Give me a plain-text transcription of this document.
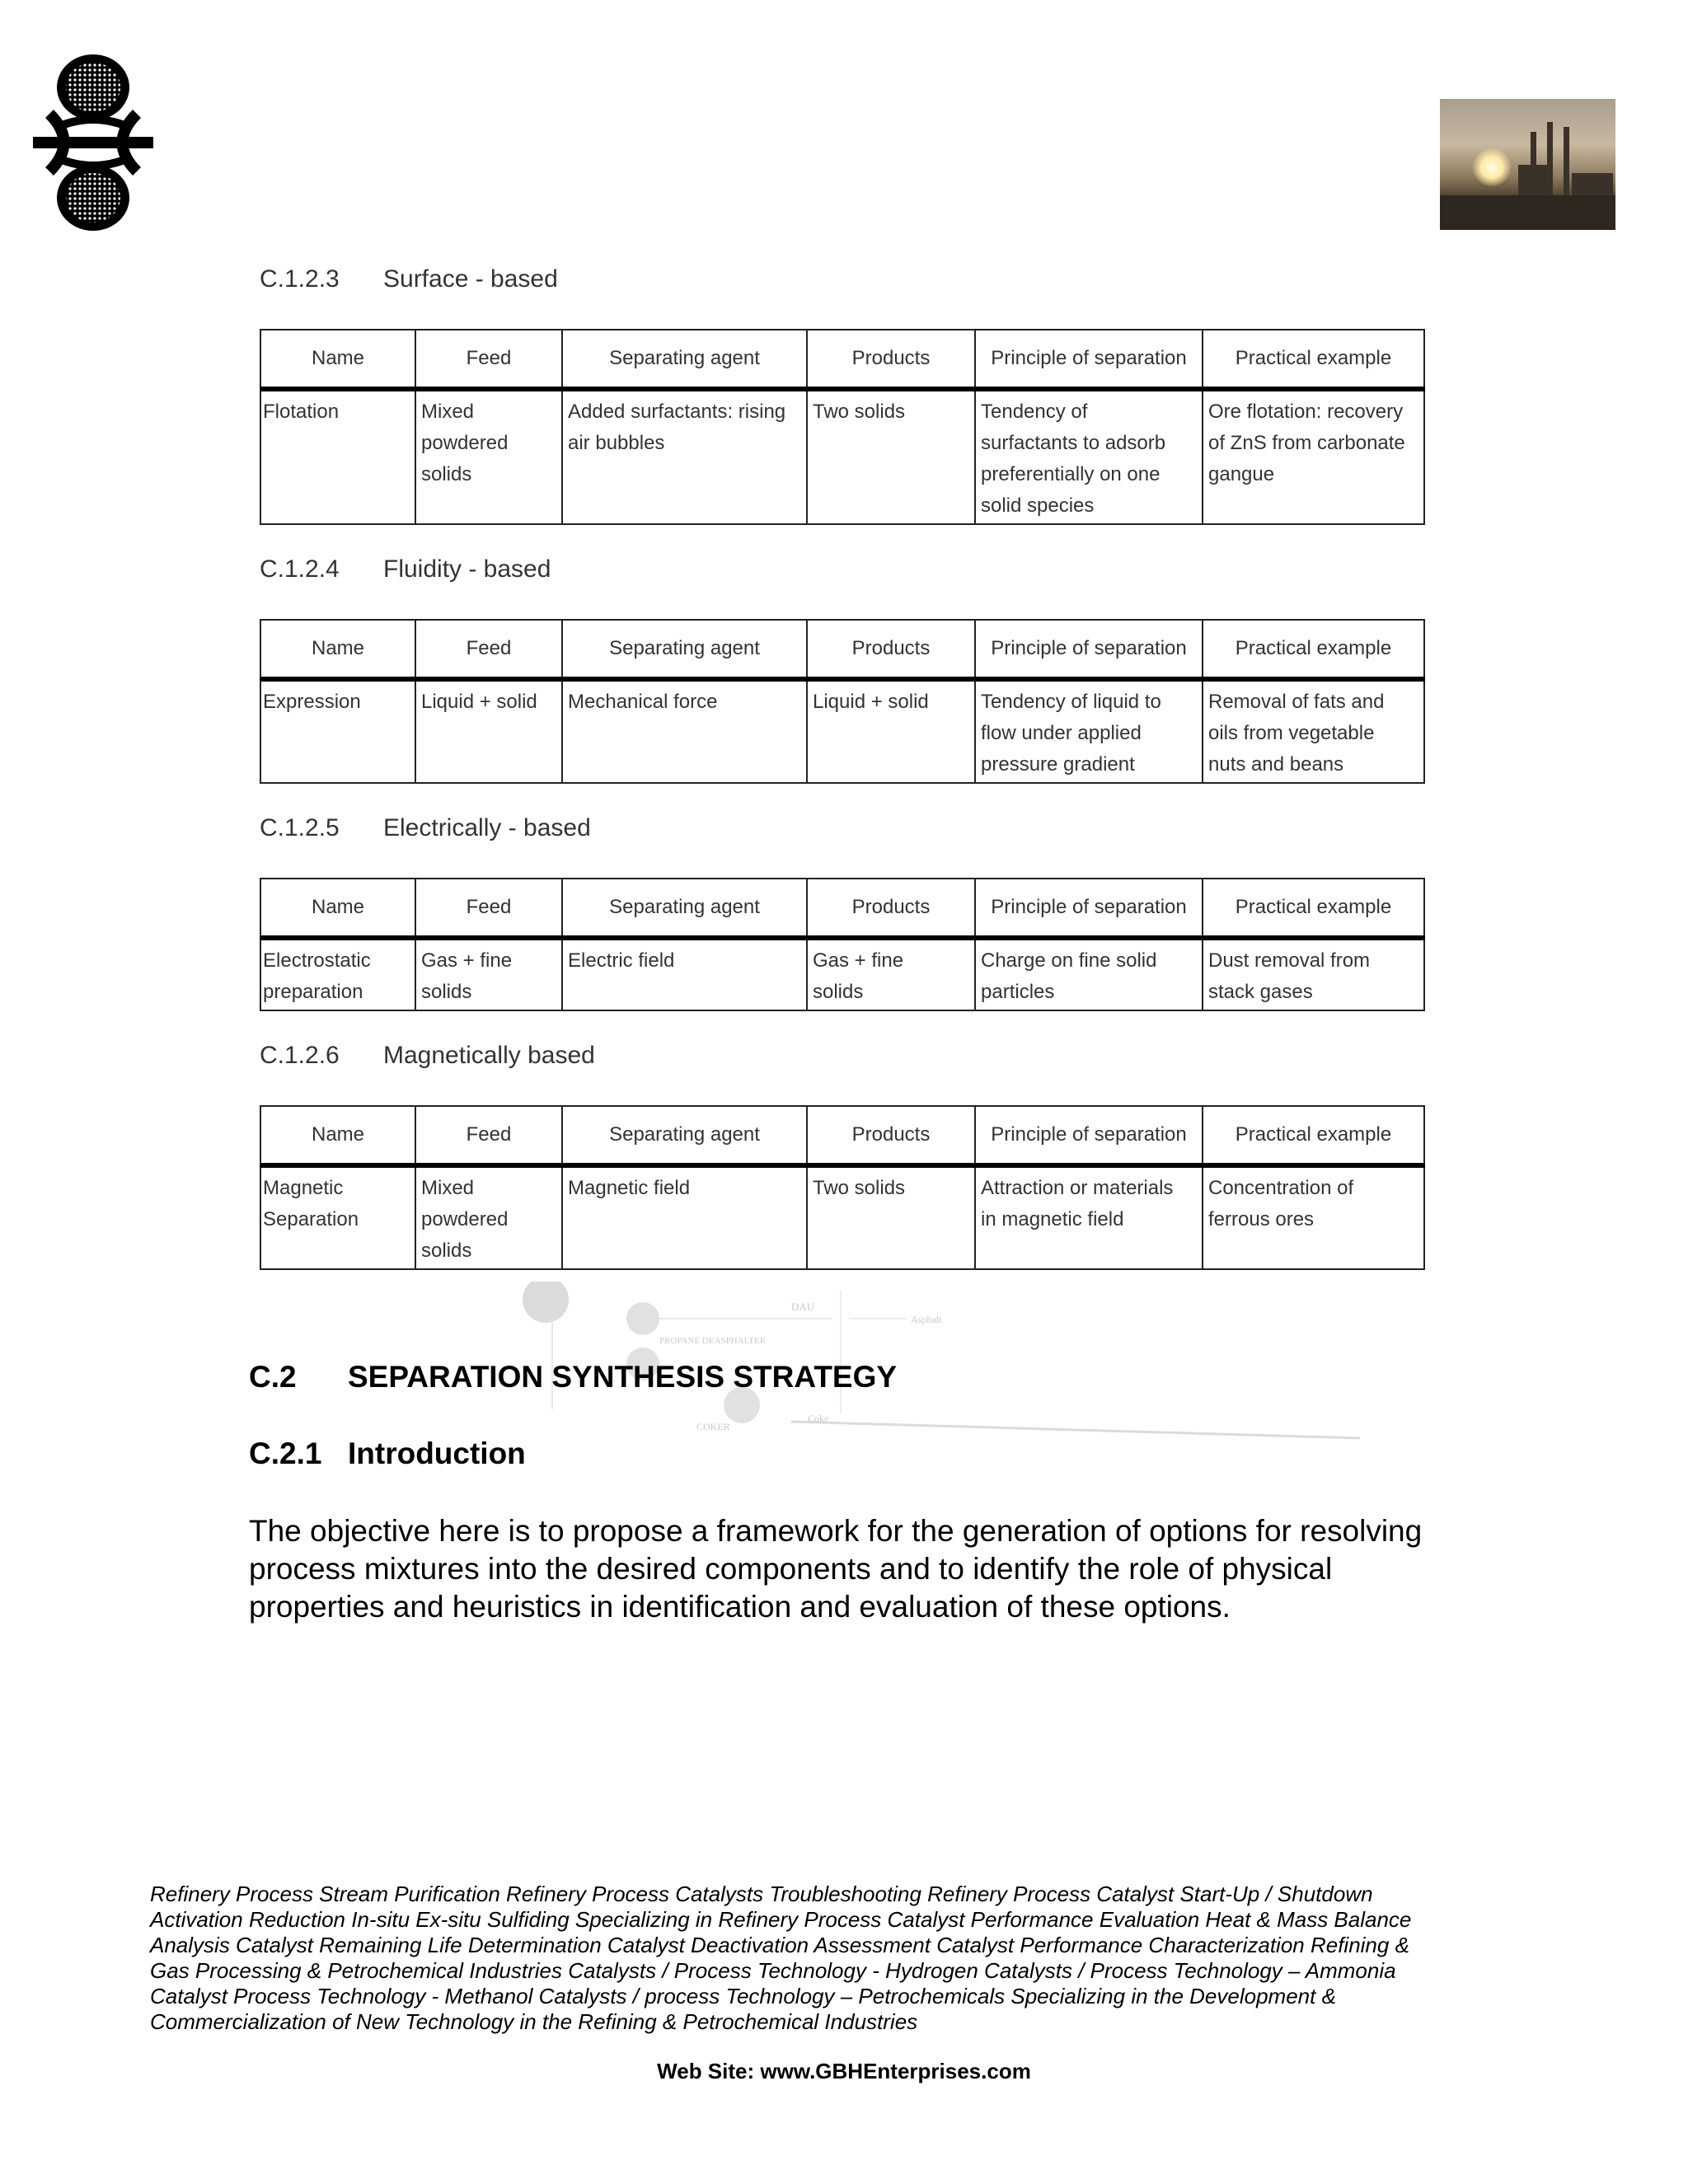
C.1.2.3 Surface - based
Name	Feed	Separating agent	Products	Principle of separation	Practical example
Flotation	Mixed
powdered
solids	Added surfactants: rising
air bubbles	Two solids	Tendency of
surfactants to adsorb
preferentially on one
solid species	Ore flotation: recovery
of ZnS from carbonate
gangue
C.1.2.4 Fluidity - based
Name	Feed	Separating agent	Products	Principle of separation	Practical example
Expression	Liquid + solid	Mechanical force	Liquid + solid	Tendency of liquid to
flow under applied
pressure gradient	Removal of fats and
oils from vegetable
nuts and beans
C.1.2.5 Electrically - based
Name	Feed	Separating agent	Products	Principle of separation	Practical example
Electrostatic
preparation	Gas + fine
solids	Electric field	Gas + fine
solids	Charge on fine solid
particles	Dust removal from
stack gases
C.1.2.6 Magnetically based
Name	Feed	Separating agent	Products	Principle of separation	Practical example
Magnetic
Separation	Mixed
powdered
solids	Magnetic field	Two solids	Attraction or materials
in magnetic field	Concentration of
ferrous ores
DAU
Asphalt
PROPANE DEASPHALTER
COKER
Coke
C.2 SEPARATION SYNTHESIS STRATEGY
C.2.1 Introduction
The objective here is to propose a framework for the generation of options for resolving process mixtures into the desired components and to identify the role of physical properties and heuristics in identification and evaluation of these options.
Refinery Process Stream Purification Refinery Process Catalysts Troubleshooting Refinery Process Catalyst Start-Up / Shutdown Activation Reduction In-situ Ex-situ Sulfiding Specializing in Refinery Process Catalyst Performance Evaluation Heat & Mass Balance Analysis Catalyst Remaining Life Determination Catalyst Deactivation Assessment Catalyst Performance Characterization Refining & Gas Processing & Petrochemical Industries Catalysts / Process Technology - Hydrogen Catalysts / Process Technology – Ammonia Catalyst Process Technology - Methanol Catalysts / process Technology – Petrochemicals Specializing in the Development & Commercialization of New Technology in the Refining & Petrochemical Industries
Web Site: www.GBHEnterprises.com
